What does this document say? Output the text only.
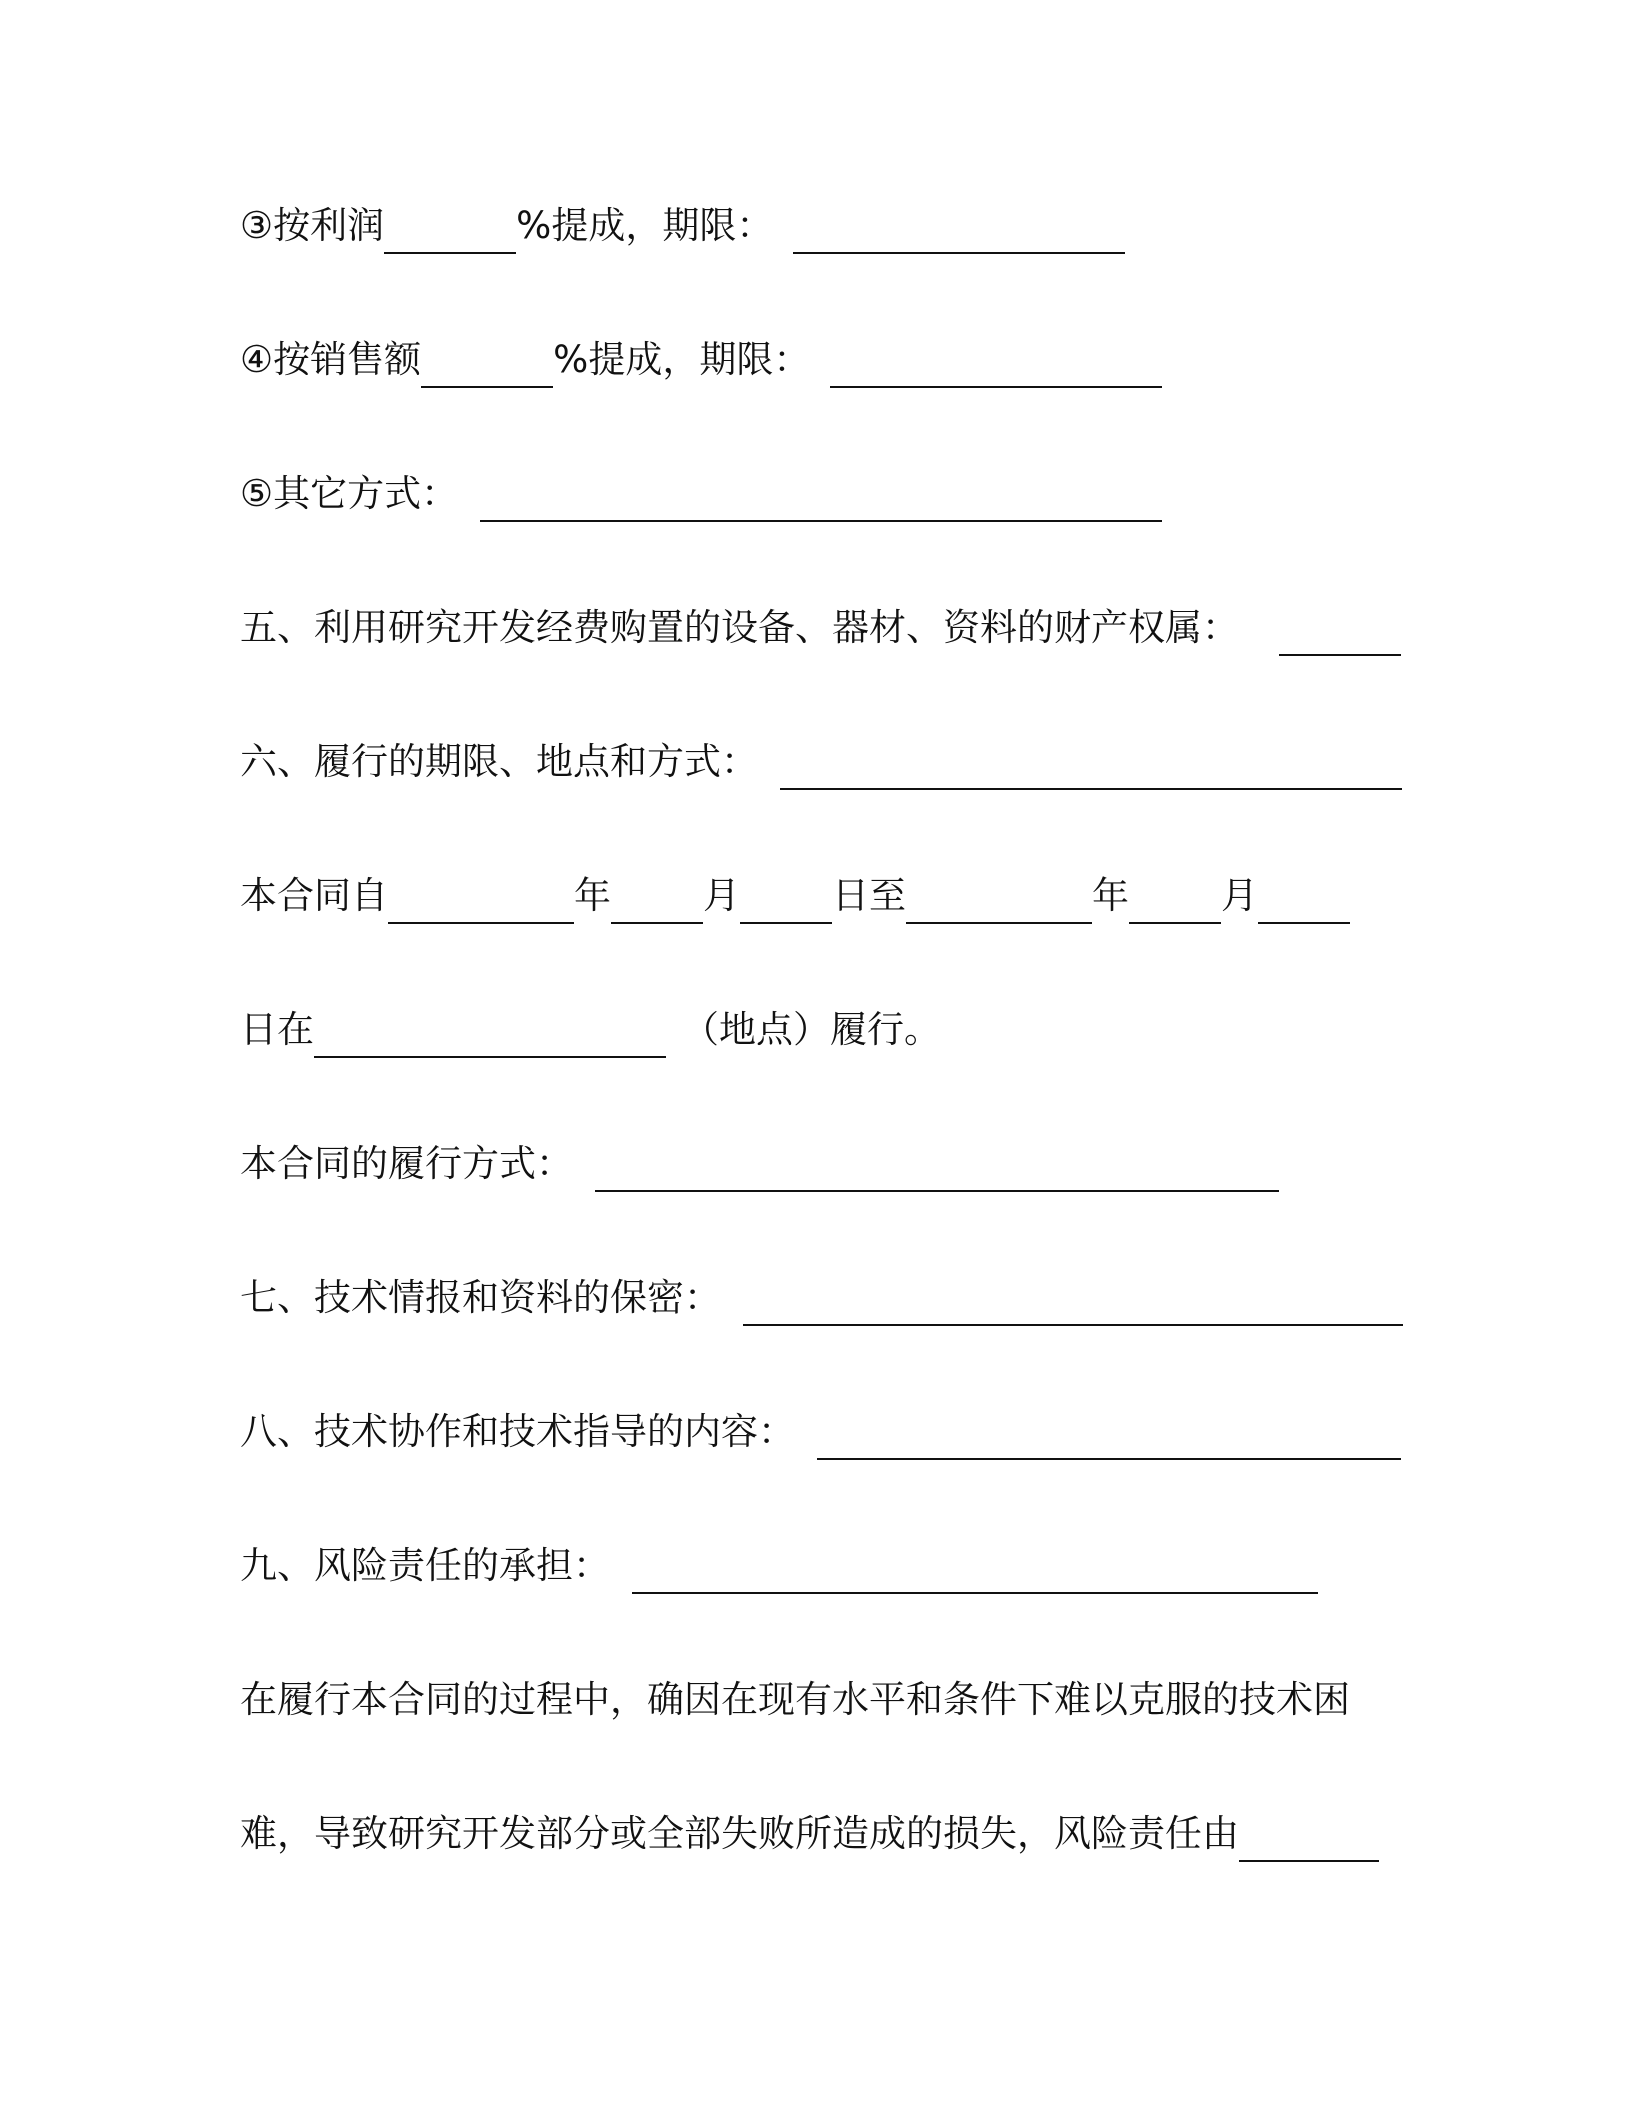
③按利润	%提成，期限：
④按销售额	%提成，期限：
⑤其它方式：
五、利用研究开发经费购置的设备、器材、资料的财产权属：
六、履行的期限、地点和方式：
本合同自	年 月 日至	年 月
日在	（地点）履行。
本合同的履行方式：
七、技术情报和资料的保密：
八、技术协作和技术指导的内容：
九、风险责任的承担：
在履行本合同的过程中，确因在现有水平和条件下难以克服的技术困
难，导致研究开发部分或全部失败所造成的损失，风险责任由
